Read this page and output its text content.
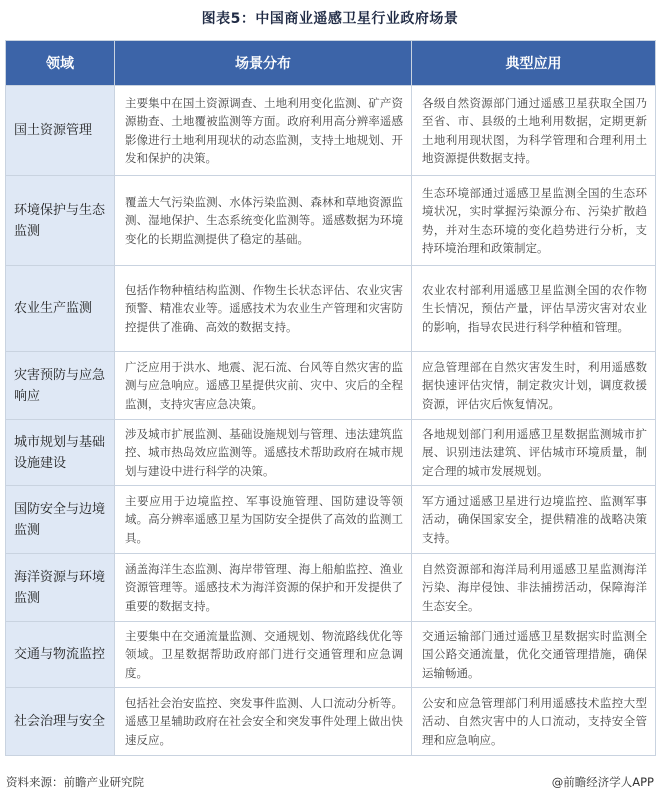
图表5：中国商业遥感卫星行业政府场景
领域	场景分布	典型应用
国土资源管理	主要集中在国土资源调查、土地利用变化监测、矿产资源勘查、土地覆被监测等方面。政府利用高分辨率遥感影像进行土地利用现状的动态监测，支持土地规划、开发和保护的决策。	各级自然资源部门通过遥感卫星获取全国乃至省、市、县级的土地利用数据，定期更新土地利用现状图，为科学管理和合理利用土地资源提供数据支持。
环境保护与生态监测	覆盖大气污染监测、水体污染监测、森林和草地资源监测、湿地保护、生态系统变化监测等。遥感数据为环境变化的长期监测提供了稳定的基础。	生态环境部通过遥感卫星监测全国的生态环境状况，实时掌握污染源分布、污染扩散趋势，并对生态环境的变化趋势进行分析，支持环境治理和政策制定。
农业生产监测	包括作物种植结构监测、作物生长状态评估、农业灾害预警、精准农业等。遥感技术为农业生产管理和灾害防控提供了准确、高效的数据支持。	农业农村部利用遥感卫星监测全国的农作物生长情况，预估产量，评估旱涝灾害对农业的影响，指导农民进行科学种植和管理。
灾害预防与应急响应	广泛应用于洪水、地震、泥石流、台风等自然灾害的监测与应急响应。遥感卫星提供灾前、灾中、灾后的全程监测，支持灾害应急决策。	应急管理部在自然灾害发生时，利用遥感数据快速评估灾情，制定救灾计划，调度救援资源，评估灾后恢复情况。
城市规划与基础设施建设	涉及城市扩展监测、基础设施规划与管理、违法建筑监控、城市热岛效应监测等。遥感技术帮助政府在城市规划与建设中进行科学的决策。	各地规划部门利用遥感卫星数据监测城市扩展、识别违法建筑、评估城市环境质量，制定合理的城市发展规划。
国防安全与边境监测	主要应用于边境监控、军事设施管理、国防建设等领域。高分辨率遥感卫星为国防安全提供了高效的监测工具。	军方通过遥感卫星进行边境监控、监测军事活动，确保国家安全，提供精准的战略决策支持。
海洋资源与环境监测	涵盖海洋生态监测、海岸带管理、海上船舶监控、渔业资源管理等。遥感技术为海洋资源的保护和开发提供了重要的数据支持。	自然资源部和海洋局利用遥感卫星监测海洋污染、海岸侵蚀、非法捕捞活动，保障海洋生态安全。
交通与物流监控	主要集中在交通流量监测、交通规划、物流路线优化等领域。卫星数据帮助政府部门进行交通管理和应急调度。	交通运输部门通过遥感卫星数据实时监测全国公路交通流量，优化交通管理措施，确保运输畅通。
社会治理与安全	包括社会治安监控、突发事件监测、人口流动分析等。遥感卫星辅助政府在社会安全和突发事件处理上做出快速反应。	公安和应急管理部门利用遥感技术监控大型活动、自然灾害中的人口流动，支持安全管理和应急响应。
资料来源：前瞻产业研究院	@前瞻经济学人APP
